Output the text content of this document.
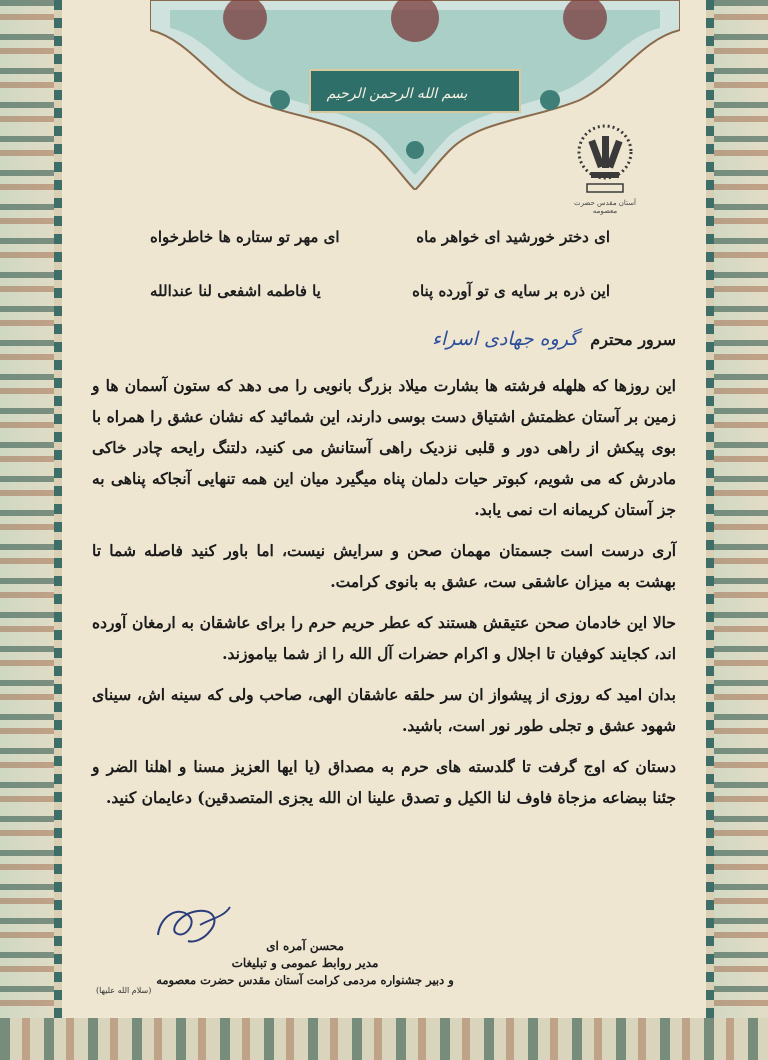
بسم الله الرحمن الرحیم
آستان مقدس حضرت معصومه
ای دختر خورشید ای خواهر ماه
ای مهر تو ستاره ها خاطرخواه
این ذره بر سایه ی تو آورده پناه
یا فاطمه اشفعی لنا عندالله
سرور محترم
گروه جهادی اسراء

این روزها که هلهله فرشته ها بشارت میلاد بزرگ بانویی را می دهد که ستون آسمان ها و زمین بر آستان عظمتش اشتیاق دست بوسی دارند، این شمائید که نشان عشق را همراه با بوی پیکش از راهی دور و قلبی نزدیک راهی آستانش می کنید، دلتنگ رایحه چادر خاکی مادرش که می شویم، کبوتر حیات دلمان پناه میگیرد میان این همه تنهایی آنجاکه پناهی به جز آستان کریمانه ات نمی یابد.

آری درست است جسمتان مهمان صحن و سرایش نیست، اما باور کنید فاصله شما تا بهشت به میزان عاشقی ست، عشق به بانوی کرامت.

حالا این خادمان صحن عتیقش هستند که عطر حریم حرم را برای عاشقان به ارمغان آورده اند، کجایند کوفیان تا اجلال و اکرام حضرات آل الله را از شما بیاموزند.

بدان امید که روزی از پیشواز ان سر حلقه عاشقان الهی، صاحب ولی که سینه اش، سینای شهود عشق و تجلی طور نور است، باشید.

دستان که اوج گرفت تا گلدسته های حرم به مصداق (یا ایها العزیز مسنا و اهلنا الضر و جئنا ببضاعه مزجاة فاوف لنا الکیل و تصدق علینا ان الله یجزی المتصدقین) دعایمان کنید.

محسن آمره ای
مدیر روابط عمومی و تبلیغات
و دبیر جشنواره مردمی کرامت آستان مقدس حضرت معصومه
(سلام الله علیها)
